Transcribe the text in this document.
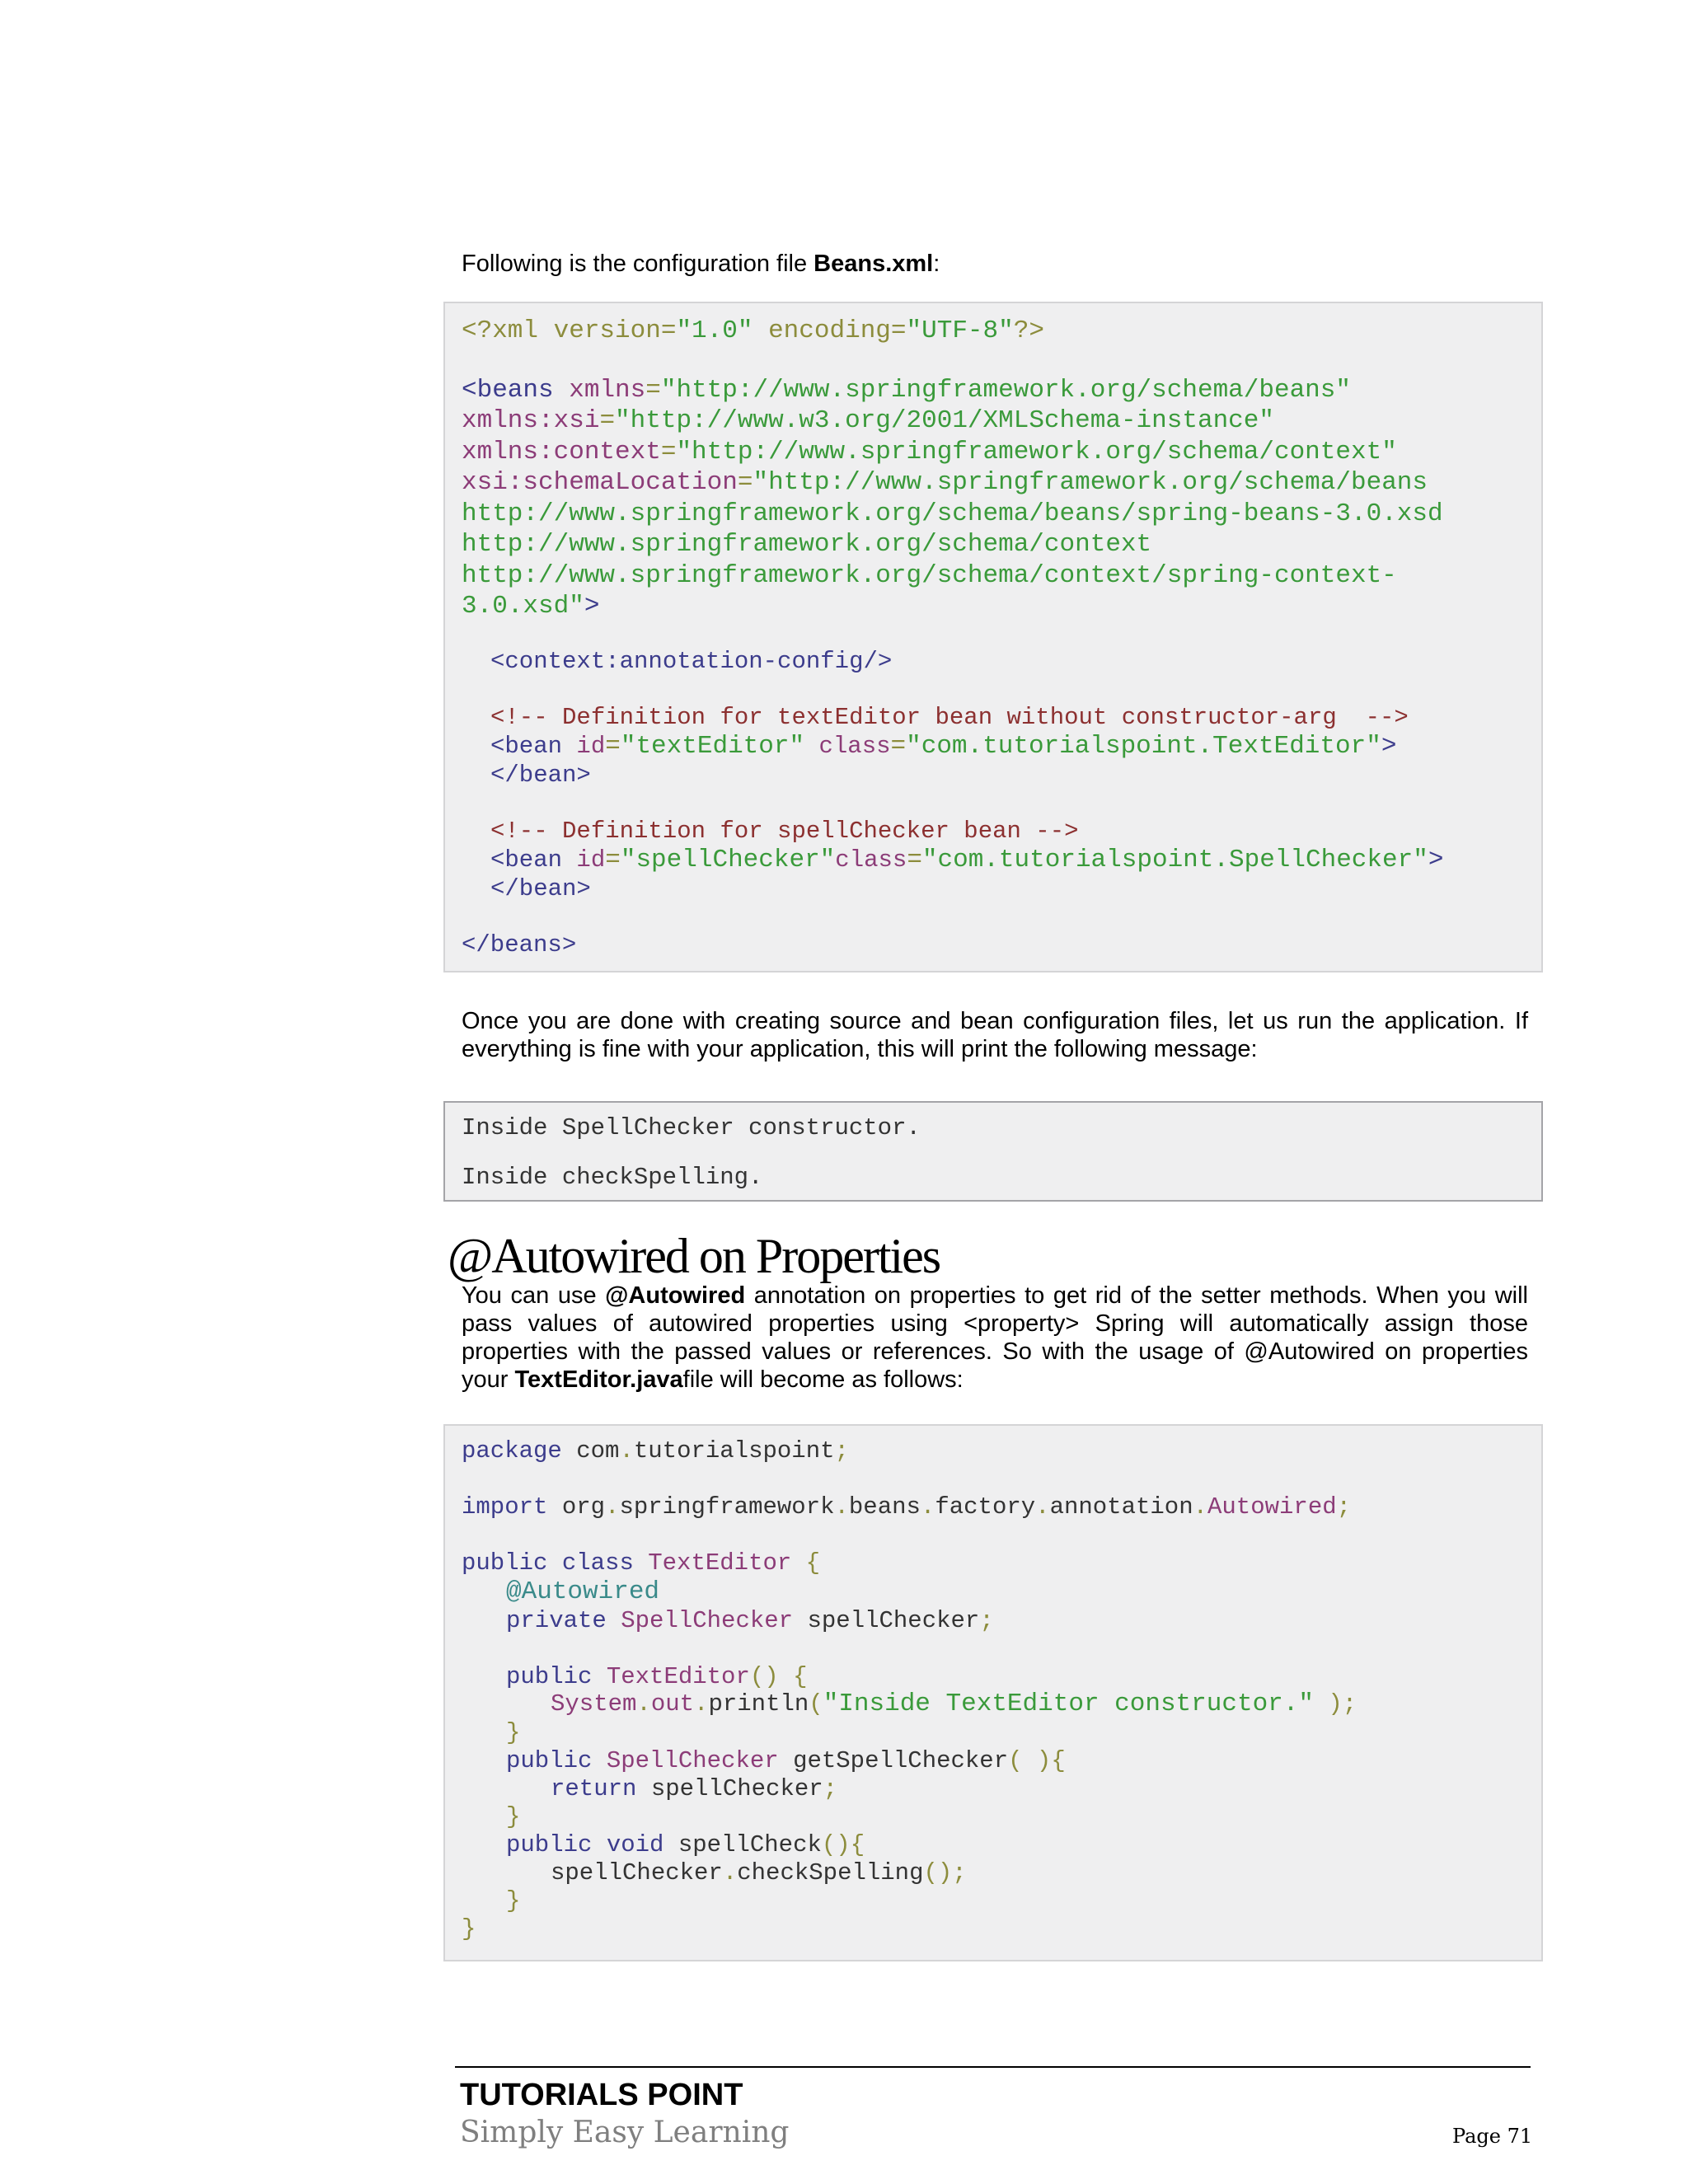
Following is the configuration file Beans.xml:

<?xml version="1.0" encoding="UTF-8"?>
<beans xmlns="http://www.springframework.org/schema/beans"
xmlns:xsi="http://www.w3.org/2001/XMLSchema-instance"
xmlns:context="http://www.springframework.org/schema/context"
xsi:schemaLocation="http://www.springframework.org/schema/beans
http://www.springframework.org/schema/beans/spring-beans-3.0.xsd
http://www.springframework.org/schema/context
http://www.springframework.org/schema/context/spring-context-
3.0.xsd">
<context:annotation-config/>
<!-- Definition for textEditor bean without constructor-arg  -->
<bean id="textEditor" class="com.tutorialspoint.TextEditor">
</bean>
<!-- Definition for spellChecker bean -->
<bean id="spellChecker"class="com.tutorialspoint.SpellChecker">
</bean>
</beans>

Once you are done with creating source and bean configuration files, let us run the application. If everything is fine with your application, this will print the following message:

Inside SpellChecker constructor.
Inside checkSpelling.
@Autowired on Properties

You can use @Autowired annotation on properties to get rid of the setter methods. When you will pass values of autowired properties using <property> Spring will automatically assign those properties with the passed values or references. So with the usage of @Autowired on properties your TextEditor.javafile will become as follows:

package com.tutorialspoint;
import org.springframework.beans.factory.annotation.Autowired;
public class TextEditor {
@Autowired
private SpellChecker spellChecker;
public TextEditor() {
System.out.println("Inside TextEditor constructor." );
}
public SpellChecker getSpellChecker( ){
return spellChecker;
}
public void spellCheck(){
spellChecker.checkSpelling();
}
}
TUTORIALS POINT
Simply Easy Learning	Page 71
